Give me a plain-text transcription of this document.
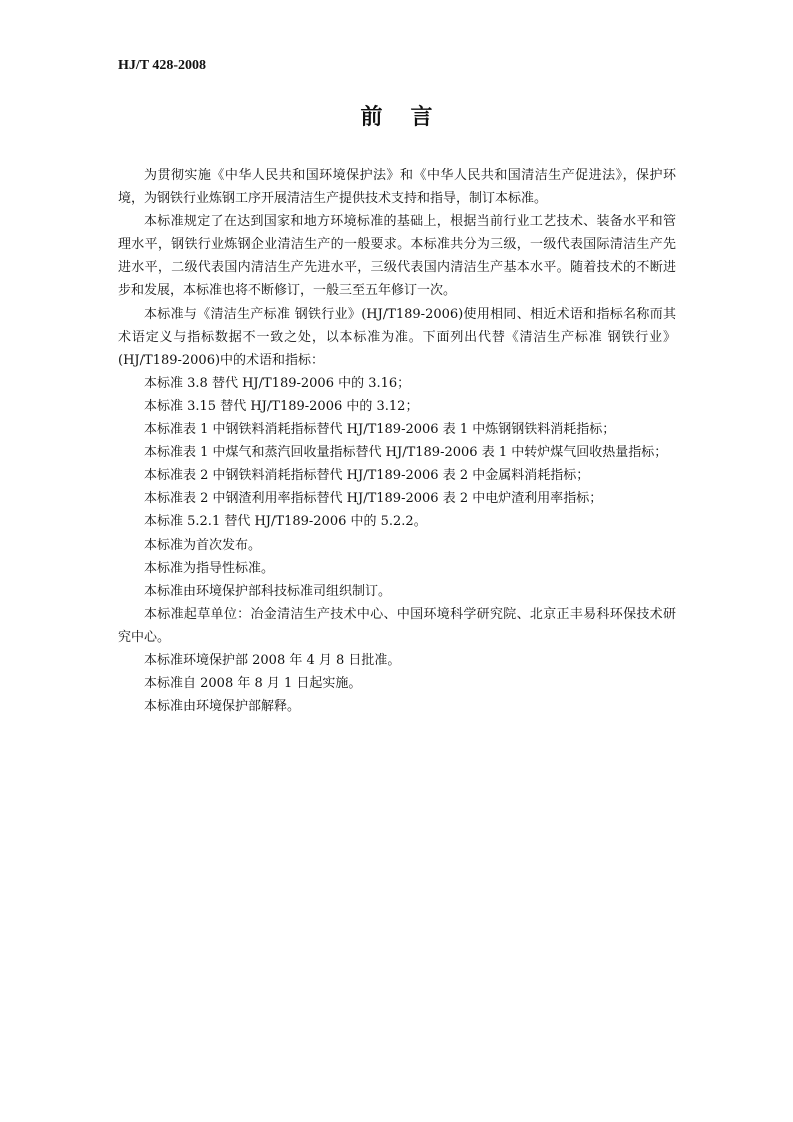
HJ/T 428-2008
前言

为贯彻实施《中华人民共和国环境保护法》和《中华人民共和国清洁生产促进法》，保护环境，为钢铁行业炼钢工序开展清洁生产提供技术支持和指导，制订本标准。

本标准规定了在达到国家和地方环境标准的基础上，根据当前行业工艺技术、装备水平和管理水平，钢铁行业炼钢企业清洁生产的一般要求。本标准共分为三级，一级代表国际清洁生产先进水平，二级代表国内清洁生产先进水平，三级代表国内清洁生产基本水平。随着技术的不断进步和发展，本标准也将不断修订，一般三至五年修订一次。

本标准与《清洁生产标准 钢铁行业》(HJ/T189-2006)使用相同、相近术语和指标名称而其术语定义与指标数据不一致之处，以本标准为准。下面列出代替《清洁生产标准 钢铁行业》(HJ/T189-2006)中的术语和指标：

本标准 3.8 替代 HJ/T189-2006 中的 3.16；

本标准 3.15 替代 HJ/T189-2006 中的 3.12；

本标准表 1 中钢铁料消耗指标替代 HJ/T189-2006 表 1 中炼钢钢铁料消耗指标；

本标准表 1 中煤气和蒸汽回收量指标替代 HJ/T189-2006 表 1 中转炉煤气回收热量指标；

本标准表 2 中钢铁料消耗指标替代 HJ/T189-2006 表 2 中金属料消耗指标；

本标准表 2 中钢渣利用率指标替代 HJ/T189-2006 表 2 中电炉渣利用率指标；

本标准 5.2.1 替代 HJ/T189-2006 中的 5.2.2。

本标准为首次发布。

本标准为指导性标准。

本标准由环境保护部科技标准司组织制订。

本标准起草单位：冶金清洁生产技术中心、中国环境科学研究院、北京正丰易科环保技术研究中心。

本标准环境保护部 2008 年 4 月 8 日批准。

本标准自 2008 年 8 月 1 日起实施。

本标准由环境保护部解释。
